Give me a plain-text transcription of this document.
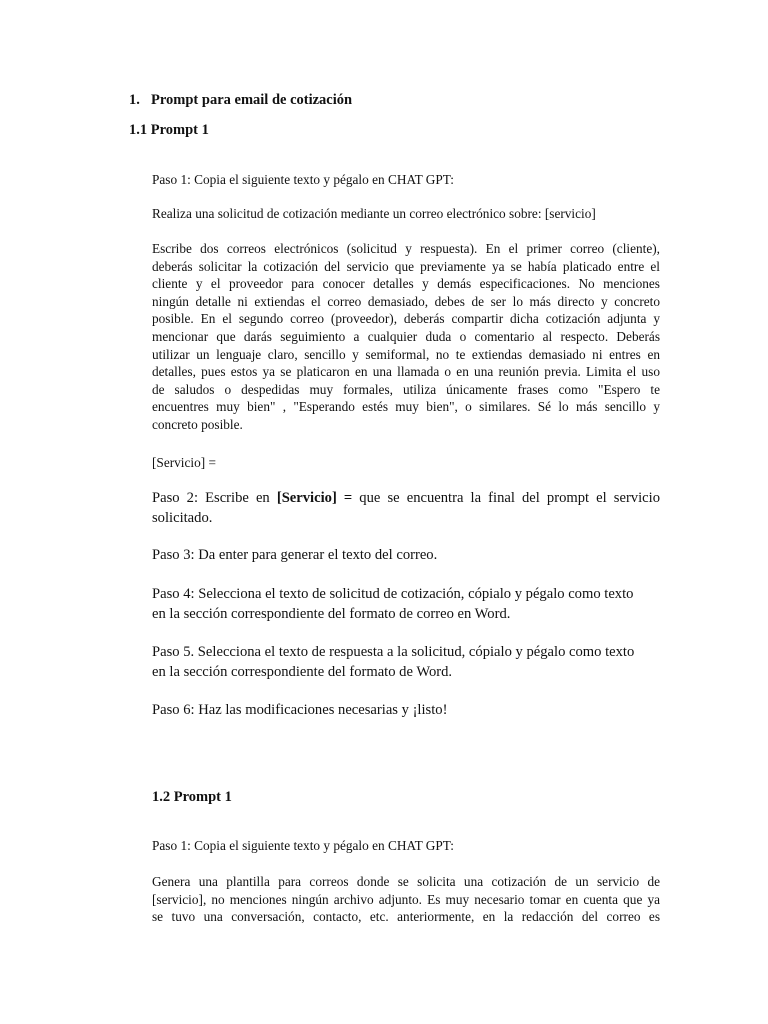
1. Prompt para email de cotización
1.1 Prompt 1

Paso 1: Copia el siguiente texto y pégalo en CHAT GPT:

Realiza una solicitud de cotización mediante un correo electrónico sobre: [servicio]

Escribe dos correos electrónicos (solicitud y respuesta). En el primer correo (cliente),
deberás solicitar la cotización del servicio que previamente ya se había platicado entre el
cliente y el proveedor para conocer detalles y demás especificaciones. No menciones
ningún detalle ni extiendas el correo demasiado, debes de ser lo más directo y concreto
posible. En el segundo correo (proveedor), deberás compartir dicha cotización adjunta y
mencionar que darás seguimiento a cualquier duda o comentario al respecto. Deberás
utilizar un lenguaje claro, sencillo y semiformal, no te extiendas demasiado ni entres en
detalles, pues estos ya se platicaron en una llamada o en una reunión previa. Limita el uso
de saludos o despedidas muy formales, utiliza únicamente frases como "Espero te
encuentres muy bien" , "Esperando estés muy bien", o similares. Sé lo más sencillo y
concreto posible.

[Servicio] =

Paso 2: Escribe en [Servicio] = que se encuentra la final del prompt el servicio
solicitado.

Paso 3: Da enter para generar el texto del correo.

Paso 4: Selecciona el texto de solicitud de cotización, cópialo y pégalo como texto
en la sección correspondiente del formato de correo en Word.
Paso 5. Selecciona el texto de respuesta a la solicitud, cópialo y pégalo como texto
en la sección correspondiente del formato de Word.

Paso 6: Haz las modificaciones necesarias y ¡listo!

1.2 Prompt 1

Paso 1: Copia el siguiente texto y pégalo en CHAT GPT:

Genera una plantilla para correos donde se solicita una cotización de un servicio de
[servicio], no menciones ningún archivo adjunto. Es muy necesario tomar en cuenta que ya
se tuvo una conversación, contacto, etc. anteriormente, en la redacción del correo es
